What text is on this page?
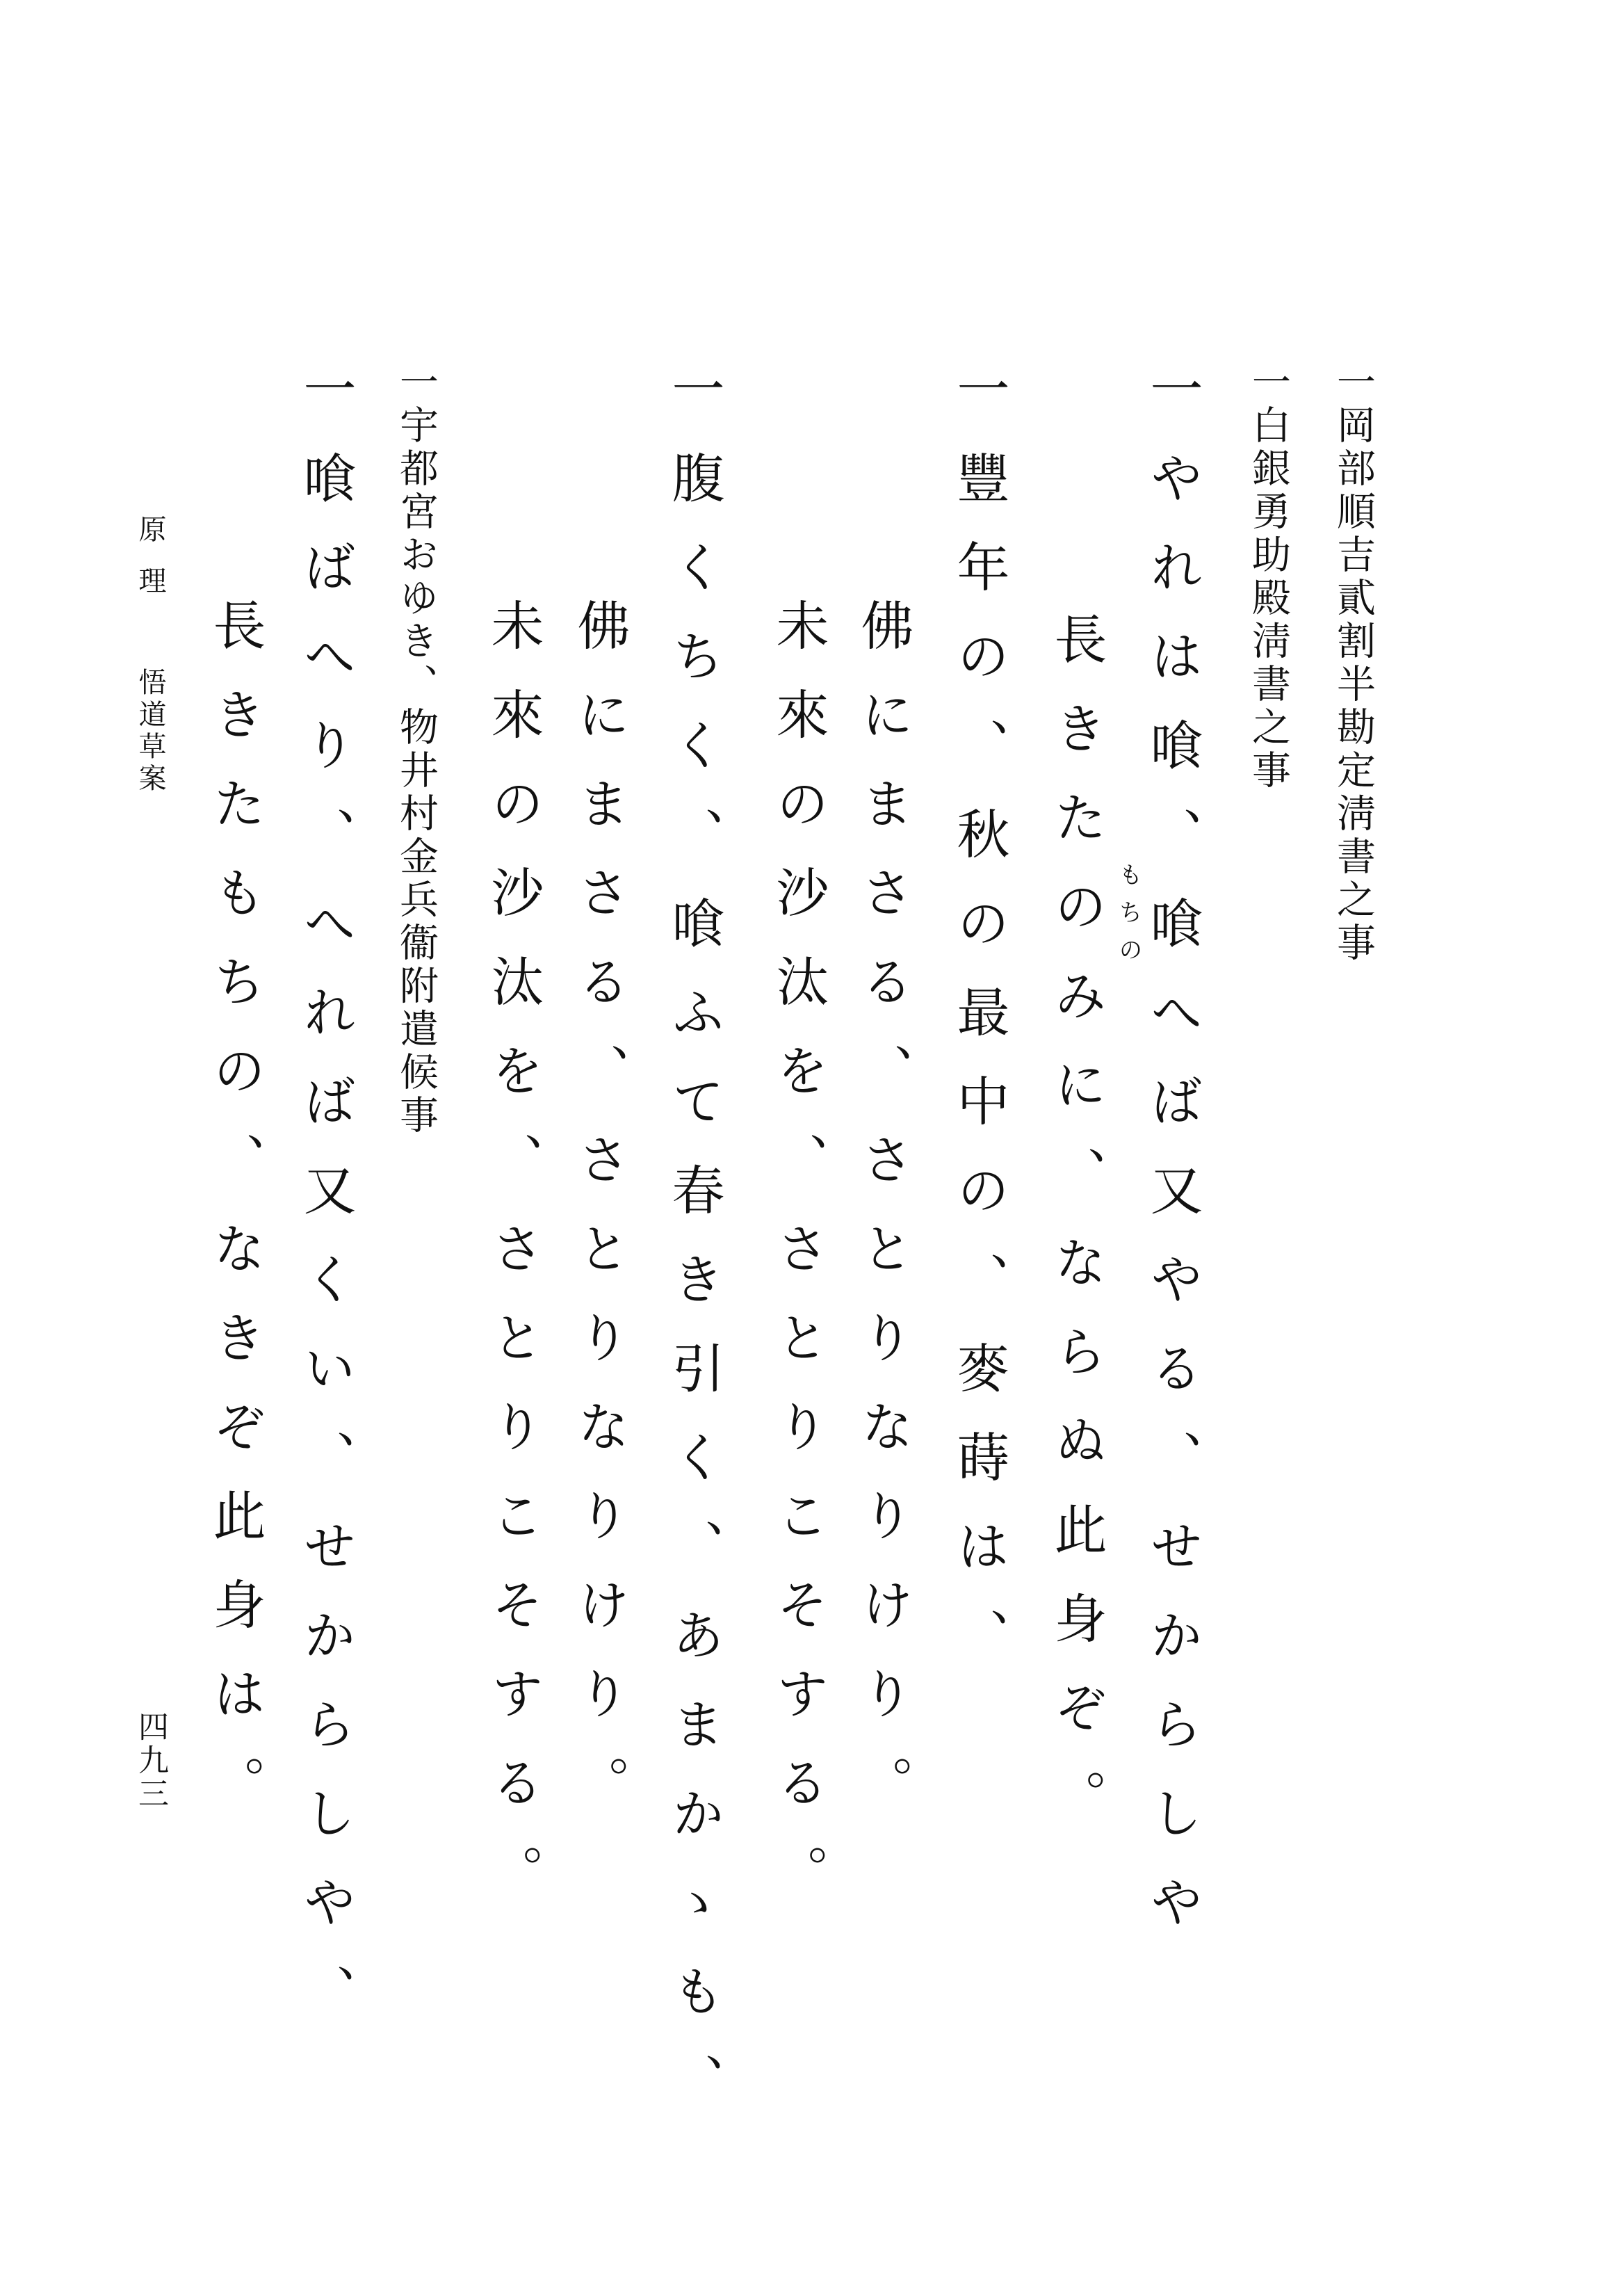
一岡部順吉貳割半勘定淸書之事
一白銀勇助殿淸書之事
一やれは喰、喰へば又やる、せからしや
長きたのみに、ならぬ此身ぞ。 もちの
一豐年の、秋の最中の、麥蒔は、
佛にまさる、さとりなりけり。
未來の沙汰を、さとりこそする。
一腹くちく、喰ふて春き引く、あまかゝも、
佛にまさる、さとりなりけり。
未來の沙汰を、さとりこそする。
一宇都宮おゆき、物井村金兵衞附遣候事
一喰ばへり、へれば又くい、せからしや、
長きたもちの、なきぞ此身は。
原理
悟道草案
四九三
